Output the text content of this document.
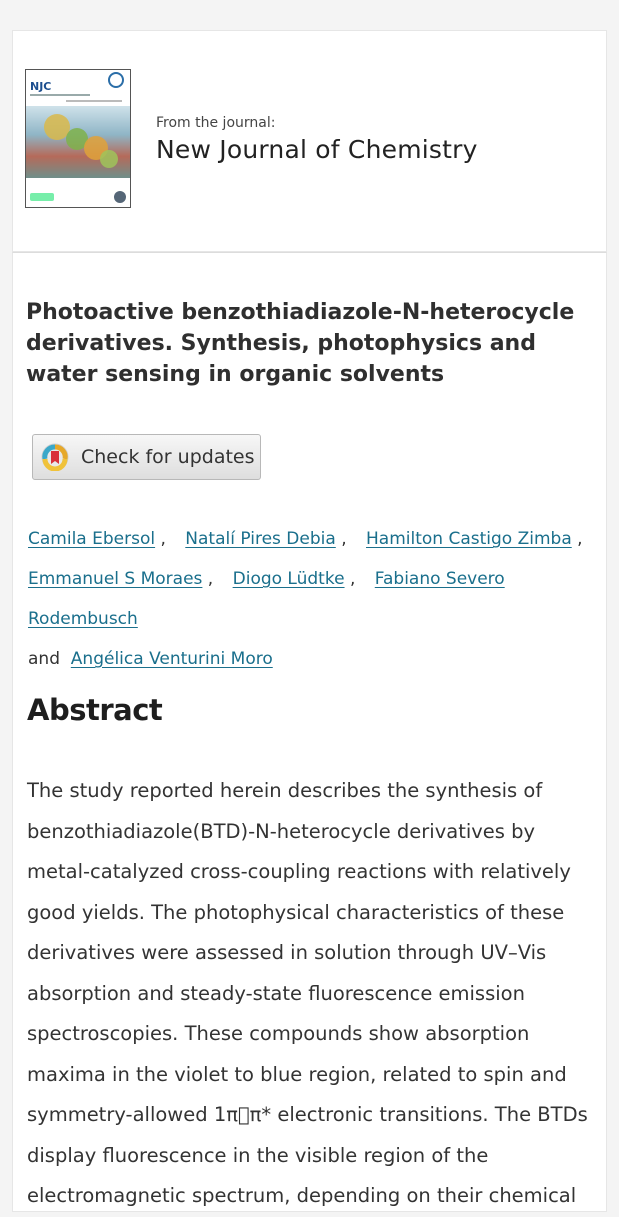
NJC
From the journal:
New Journal of Chemistry
Photoactive benzothiadiazole-N-heterocycle derivatives. Synthesis, photophysics and water sensing in organic solvents
Check for updates
Camila Ebersol , Natalí Pires Debia , Hamilton Castigo Zimba ,
Emmanuel S Moraes , Diogo Lüdtke , Fabiano Severo Rodembusch
and Angélica Venturini Moro
Abstract

The study reported herein describes the synthesis of benzothiadiazole(BTD)-N-heterocycle derivatives by metal-catalyzed cross-coupling reactions with relatively good yields. The photophysical characteristics of these derivatives were assessed in solution through UV–Vis absorption and steady-state fluorescence emission spectroscopies. These compounds show absorption maxima in the violet to blue region, related to spin and symmetry-allowed 1π π* electronic transitions. The BTDs display fluorescence in the visible region of the electromagnetic spectrum, depending on their chemical
